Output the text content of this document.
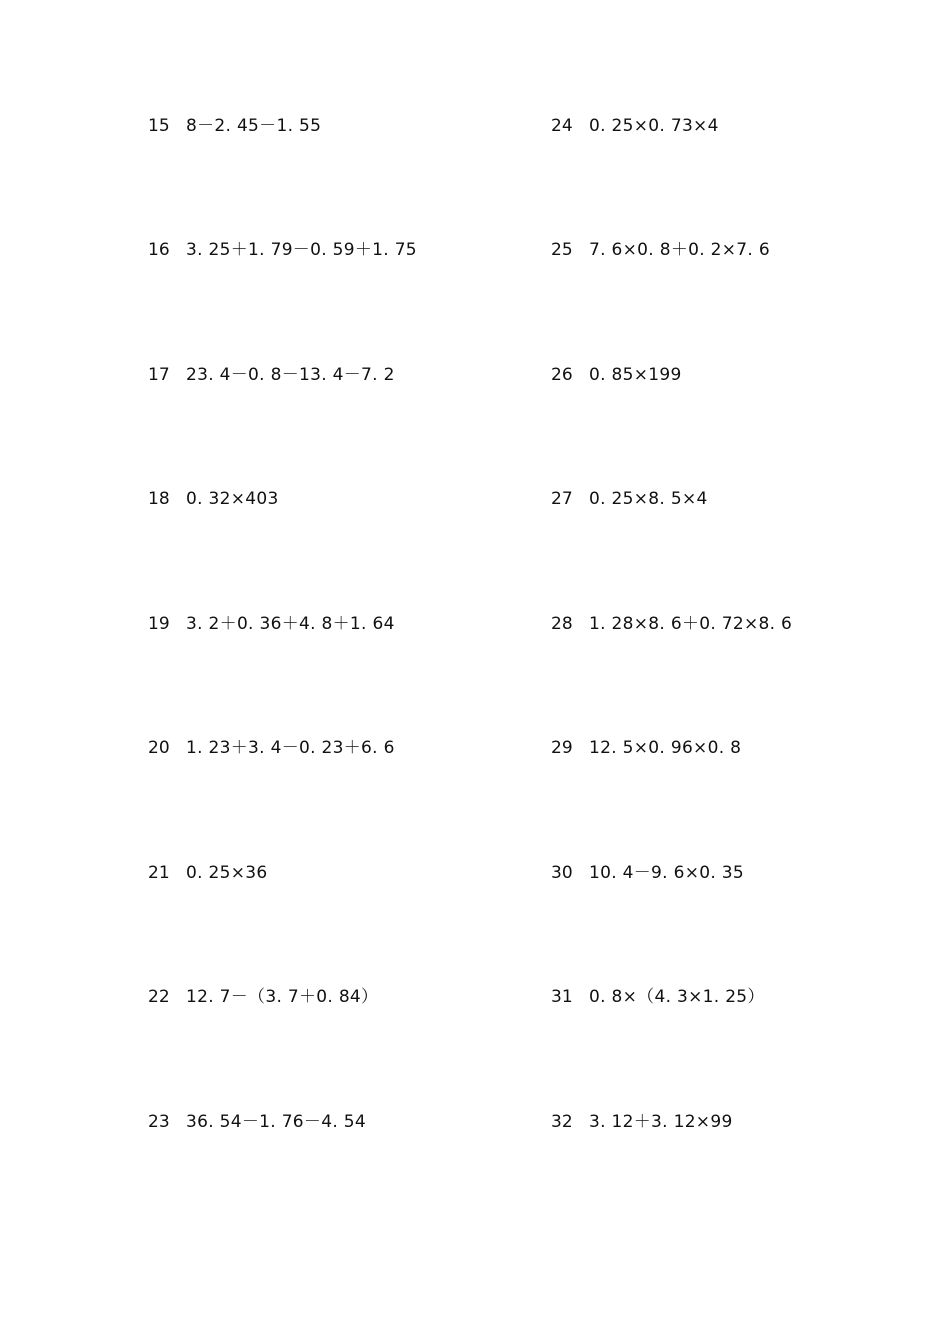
15 8－2. 45－1. 55
16 3. 25＋1. 79－0. 59＋1. 75
17 23. 4－0. 8－13. 4－7. 2
18 0. 32×403
19 3. 2＋0. 36＋4. 8＋1. 64
20 1. 23＋3. 4－0. 23＋6. 6
21 0. 25×36
22 12. 7－（3. 7＋0. 84）
23 36. 54－1. 76－4. 54
24 0. 25×0. 73×4
25 7. 6×0. 8＋0. 2×7. 6
26 0. 85×199
27 0. 25×8. 5×4
28 1. 28×8. 6＋0. 72×8. 6
29 12. 5×0. 96×0. 8
30 10. 4－9. 6×0. 35
31 0. 8×（4. 3×1. 25）
32 3. 12＋3. 12×99
